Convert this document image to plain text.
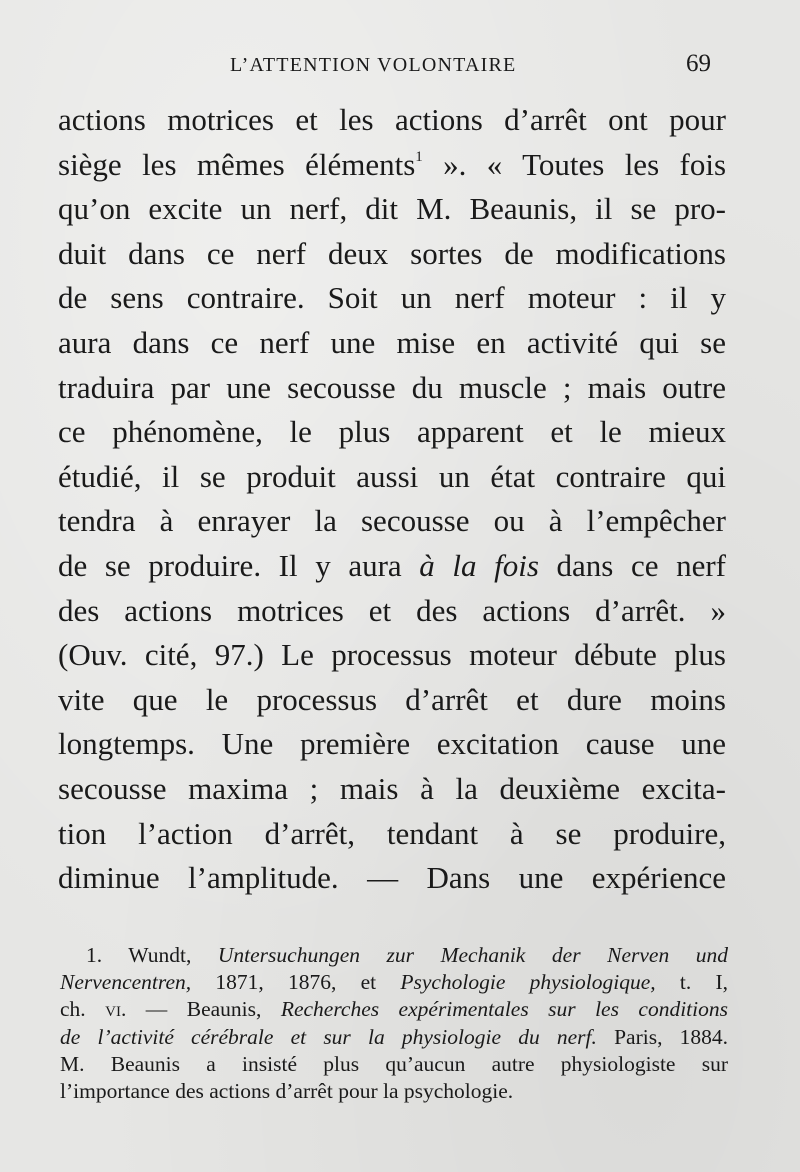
L’ATTENTION VOLONTAIRE	69
actions motrices et les actions d’arrêt ont pour
siège les mêmes éléments$^1$ ». « Toutes les fois
qu’on excite un nerf, dit M. Beaunis, il se pro-
duit dans ce nerf deux sortes de modifications
de sens contraire. Soit un nerf moteur : il y
aura dans ce nerf une mise en activité qui se
traduira par une secousse du muscle ; mais outre
ce phénomène, le plus apparent et le mieux
étudié, il se produit aussi un état contraire qui
tendra à enrayer la secousse ou à l’empêcher
de se produire. Il y aura à la fois dans ce nerf
des actions motrices et des actions d’arrêt. »
(Ouv. cité, 97.) Le processus moteur débute plus
vite que le processus d’arrêt et dure moins
longtemps. Une première excitation cause une
secousse maxima ; mais à la deuxième excita-
tion l’action d’arrêt, tendant à se produire,
diminue l’amplitude. — Dans une expérience
1. Wundt, Untersuchungen zur Mechanik der Nerven und
Nervencentren, 1871, 1876, et Psychologie physiologique, t. I,
ch. vi. — Beaunis, Recherches expérimentales sur les conditions
de l’activité cérébrale et sur la physiologie du nerf. Paris, 1884.
M. Beaunis a insisté plus qu’aucun autre physiologiste sur
l’importance des actions d’arrêt pour la psychologie.
